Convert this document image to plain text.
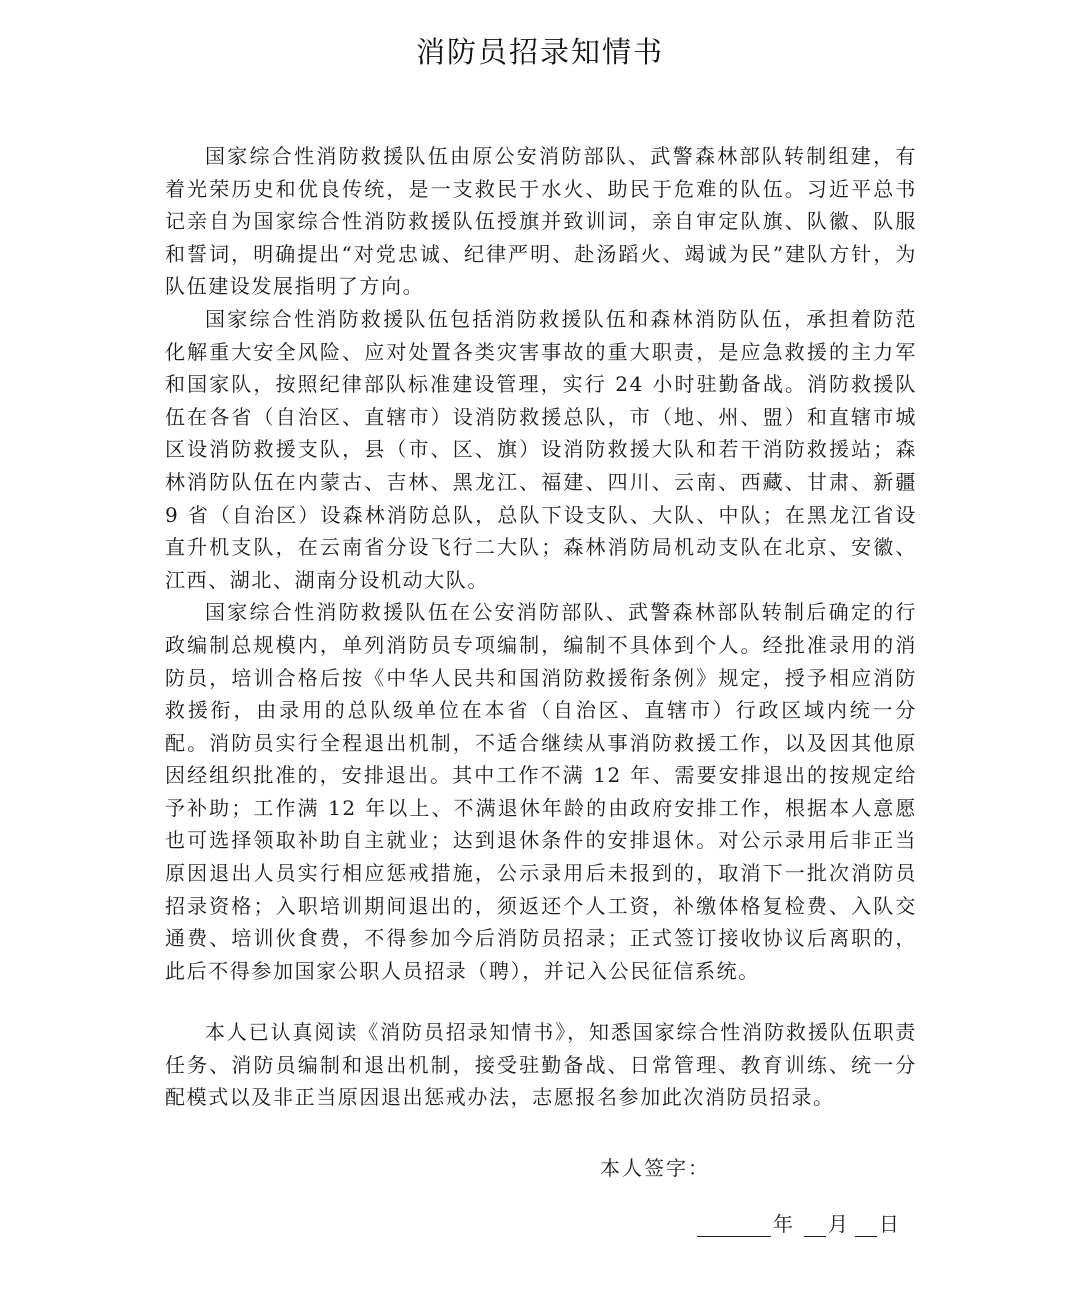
消防员招录知情书

国家综合性消防救援队伍由原公安消防部队、武警森林部队转制组建，有着光荣历史和优良传统，是一支救民于水火、助民于危难的队伍。习近平总书记亲自为国家综合性消防救援队伍授旗并致训词，亲自审定队旗、队徽、队服和誓词，明确提出“对党忠诚、纪律严明、赴汤蹈火、竭诚为民”建队方针，为队伍建设发展指明了方向。

国家综合性消防救援队伍包括消防救援队伍和森林消防队伍，承担着防范化解重大安全风险、应对处置各类灾害事故的重大职责，是应急救援的主力军和国家队，按照纪律部队标准建设管理，实行 24 小时驻勤备战。消防救援队伍在各省（自治区、直辖市）设消防救援总队，市（地、州、盟）和直辖市城区设消防救援支队，县（市、区、旗）设消防救援大队和若干消防救援站；森林消防队伍在内蒙古、吉林、黑龙江、福建、四川、云南、西藏、甘肃、新疆 9 省（自治区）设森林消防总队，总队下设支队、大队、中队；在黑龙江省设直升机支队，在云南省分设飞行二大队；森林消防局机动支队在北京、安徽、江西、湖北、湖南分设机动大队。

国家综合性消防救援队伍在公安消防部队、武警森林部队转制后确定的行政编制总规模内，单列消防员专项编制，编制不具体到个人。经批准录用的消防员，培训合格后按《中华人民共和国消防救援衔条例》规定，授予相应消防救援衔，由录用的总队级单位在本省（自治区、直辖市）行政区域内统一分配。消防员实行全程退出机制，不适合继续从事消防救援工作，以及因其他原因经组织批准的，安排退出。其中工作不满 12 年、需要安排退出的按规定给予补助；工作满 12 年以上、不满退休年龄的由政府安排工作，根据本人意愿也可选择领取补助自主就业；达到退休条件的安排退休。对公示录用后非正当原因退出人员实行相应惩戒措施，公示录用后未报到的，取消下一批次消防员招录资格；入职培训期间退出的，须返还个人工资，补缴体格复检费、入队交通费、培训伙食费，不得参加今后消防员招录；正式签订接收协议后离职的，此后不得参加国家公职人员招录（聘），并记入公民征信系统。

本人已认真阅读《消防员招录知情书》，知悉国家综合性消防救援队伍职责任务、消防员编制和退出机制，接受驻勤备战、日常管理、教育训练、统一分配模式以及非正当原因退出惩戒办法，志愿报名参加此次消防员招录。

本人签字：
年 月 日
